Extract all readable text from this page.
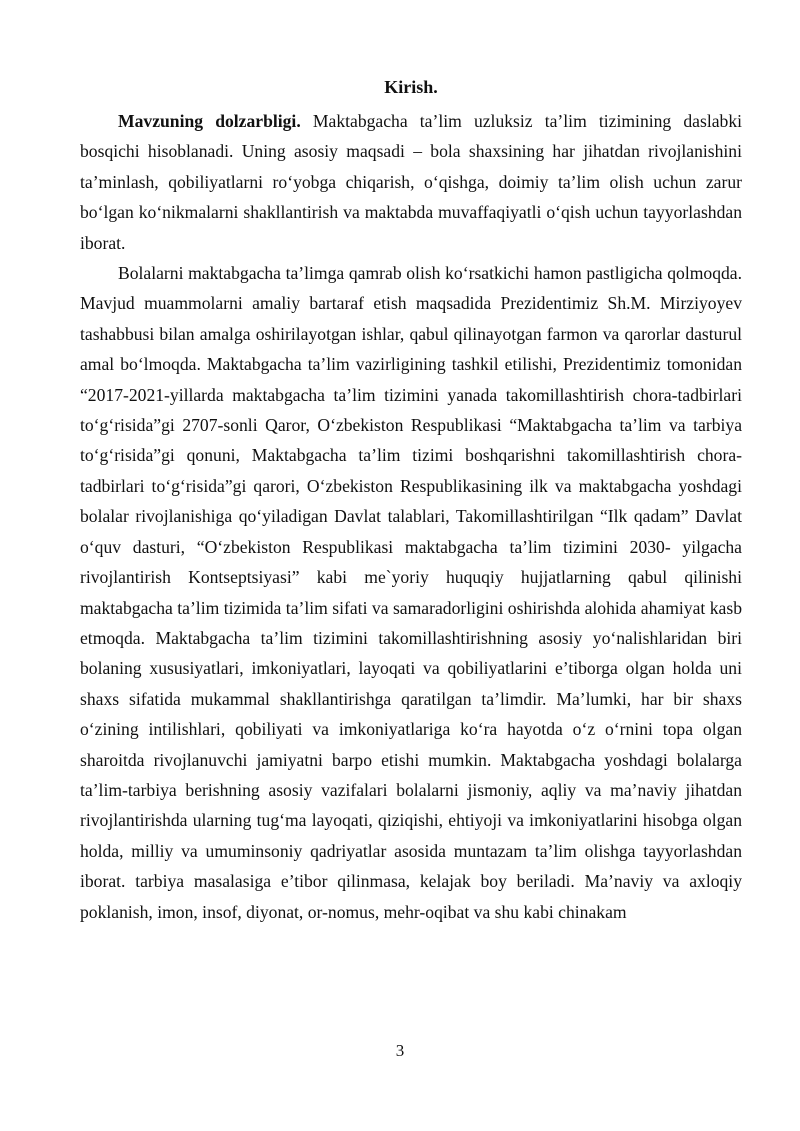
Kirish.

Mavzuning dolzarbligi. Maktabgacha ta’lim uzluksiz ta’lim tizimining daslabki bosqichi hisoblanadi. Uning asosiy maqsadi – bola shaxsining har jihatdan rivojlanishini ta’minlash, qobiliyatlarni ro‘yobga chiqarish, o‘qishga, doimiy ta’lim olish uchun zarur bo‘lgan ko‘nikmalarni shakllantirish va maktabda muvaffaqiyatli o‘qish uchun tayyorlashdan iborat.

Bolalarni maktabgacha ta’limga qamrab olish ko‘rsatkichi hamon pastligicha qolmoqda. Mavjud muammolarni amaliy bartaraf etish maqsadida Prezidentimiz Sh.M. Mirziyoyev tashabbusi bilan amalga oshirilayotgan ishlar, qabul qilinayotgan farmon va qarorlar dasturul amal bo‘lmoqda. Maktabgacha ta’lim vazirligining tashkil etilishi, Prezidentimiz tomonidan “2017-2021-yillarda maktabgacha ta’lim tizimini yanada takomillashtirish chora-tadbirlari to‘g‘risida”gi 2707-sonli Qaror, O‘zbekiston Respublikasi “Maktabgacha ta’lim va tarbiya to‘g‘risida”gi qonuni, Maktabgacha ta’lim tizimi boshqarishni takomillashtirish chora-tadbirlari to‘g‘risida”gi qarori, O‘zbekiston Respublikasining ilk va maktabgacha yoshdagi bolalar rivojlanishiga qo‘yiladigan Davlat talablari, Takomillashtirilgan “Ilk qadam” Davlat o‘quv dasturi, “O‘zbekiston Respublikasi maktabgacha ta’lim tizimini 2030- yilgacha rivojlantirish Kontseptsiyasi” kabi me`yoriy huquqiy hujjatlarning qabul qilinishi maktabgacha ta’lim tizimida ta’lim sifati va samaradorligini oshirishda alohida ahamiyat kasb etmoqda. Maktabgacha ta’lim tizimini takomillashtirishning asosiy yo‘nalishlaridan biri bolaning xususiyatlari, imkoniyatlari, layoqati va qobiliyatlarini e’tiborga olgan holda uni shaxs sifatida mukammal shakllantirishga qaratilgan ta’limdir. Ma’lumki, har bir shaxs o‘zining intilishlari, qobiliyati va imkoniyatlariga ko‘ra hayotda o‘z o‘rnini topa olgan sharoitda rivojlanuvchi jamiyatni barpo etishi mumkin. Maktabgacha yoshdagi bolalarga ta’lim-tarbiya berishning asosiy vazifalari bolalarni jismoniy, aqliy va ma’naviy jihatdan rivojlantirishda ularning tug‘ma layoqati, qiziqishi, ehtiyoji va imkoniyatlarini hisobga olgan holda, milliy va umuminsoniy qadriyatlar asosida muntazam ta’lim olishga tayyorlashdan iborat. tarbiya masalasiga e’tibor qilinmasa, kelajak boy beriladi. Ma’naviy va axloqiy poklanish, imon, insof, diyonat, or-nomus, mehr-oqibat va shu kabi chinakam

3
